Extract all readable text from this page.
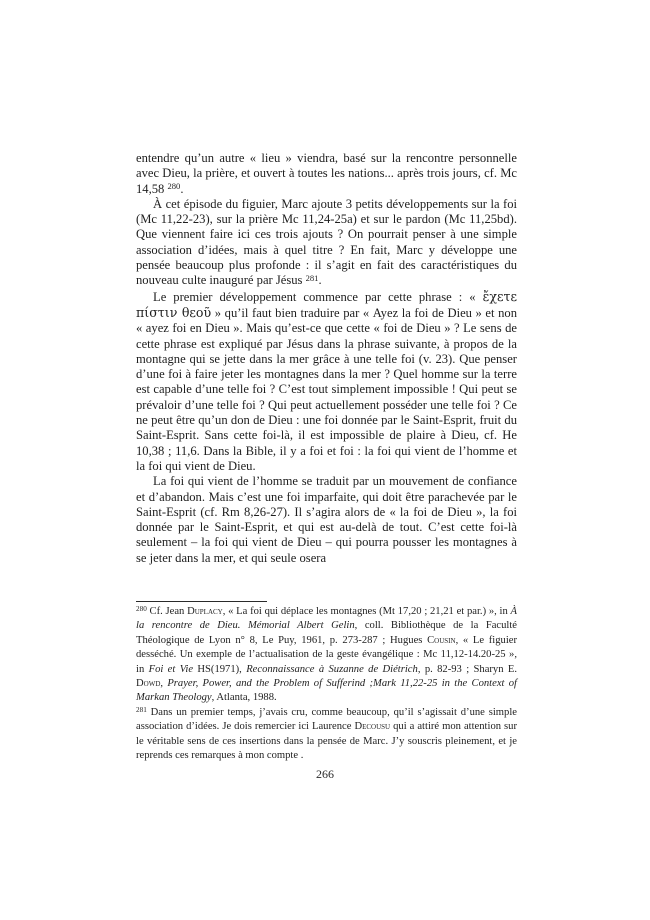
entendre qu’un autre « lieu » viendra, basé sur la rencontre personnelle avec Dieu, la prière, et ouvert à toutes les nations... après trois jours, cf. Mc 14,58 $^{280}$.

À cet épisode du figuier, Marc ajoute 3 petits développements sur la foi (Mc 11,22-23), sur la prière Mc 11,24-25a) et sur le pardon (Mc 11,25bd). Que viennent faire ici ces trois ajouts ? On pourrait penser à une simple association d’idées, mais à quel titre ? En fait, Marc y développe une pensée beaucoup plus profonde : il s’agit en fait des caractéristiques du nouveau culte inauguré par Jésus $^{281}$.

Le premier développement commence par cette phrase : « ἔχετε πίστιν θεοῦ » qu’il faut bien traduire par « Ayez la foi de Dieu » et non « ayez foi en Dieu ». Mais qu’est-ce que cette « foi de Dieu » ? Le sens de cette phrase est expliqué par Jésus dans la phrase suivante, à propos de la montagne qui se jette dans la mer grâce à une telle foi (v. 23). Que penser d’une foi à faire jeter les montagnes dans la mer ? Quel homme sur la terre est capable d’une telle foi ? C’est tout simplement impossible ! Qui peut se prévaloir d’une telle foi ? Qui peut actuellement posséder une telle foi ? Ce ne peut être qu’un don de Dieu : une foi donnée par le Saint-Esprit, fruit du Saint-Esprit. Sans cette foi-là, il est impossible de plaire à Dieu, cf. He 10,38 ; 11,6. Dans la Bible, il y a foi et foi : la foi qui vient de l’homme et la foi qui vient de Dieu.

La foi qui vient de l’homme se traduit par un mouvement de confiance et d’abandon. Mais c’est une foi imparfaite, qui doit être parachevée par le Saint-Esprit (cf. Rm 8,26-27). Il s’agira alors de « la foi de Dieu », la foi donnée par le Saint-Esprit, et qui est au-delà de tout. C’est cette foi-là seulement – la foi qui vient de Dieu – qui pourra pousser les montagnes à se jeter dans la mer, et qui seule osera

$^{280}$ Cf. Jean Duplacy, « La foi qui déplace les montagnes (Mt 17,20 ; 21,21 et par.) », in À la rencontre de Dieu. Mémorial Albert Gelin, coll. Bibliothèque de la Faculté Théologique de Lyon n° 8, Le Puy, 1961, p. 273-287 ; Hugues Cousin, « Le figuier desséché. Un exemple de l’actualisation de la geste évangélique : Mc 11,12-14.20-25 », in Foi et Vie HS(1971), Reconnaissance à Suzanne de Diétrich, p. 82-93 ; Sharyn E. Dowd, Prayer, Power, and the Problem of Sufferind ;Mark 11,22-25 in the Context of Markan Theology, Atlanta, 1988.

$^{281}$ Dans un premier temps, j’avais cru, comme beaucoup, qu’il s’agissait d’une simple association d’idées. Je dois remercier ici Laurence Decousu qui a attiré mon attention sur le véritable sens de ces insertions dans la pensée de Marc. J’y souscris pleinement, et je reprends ces remarques à mon compte .

266
